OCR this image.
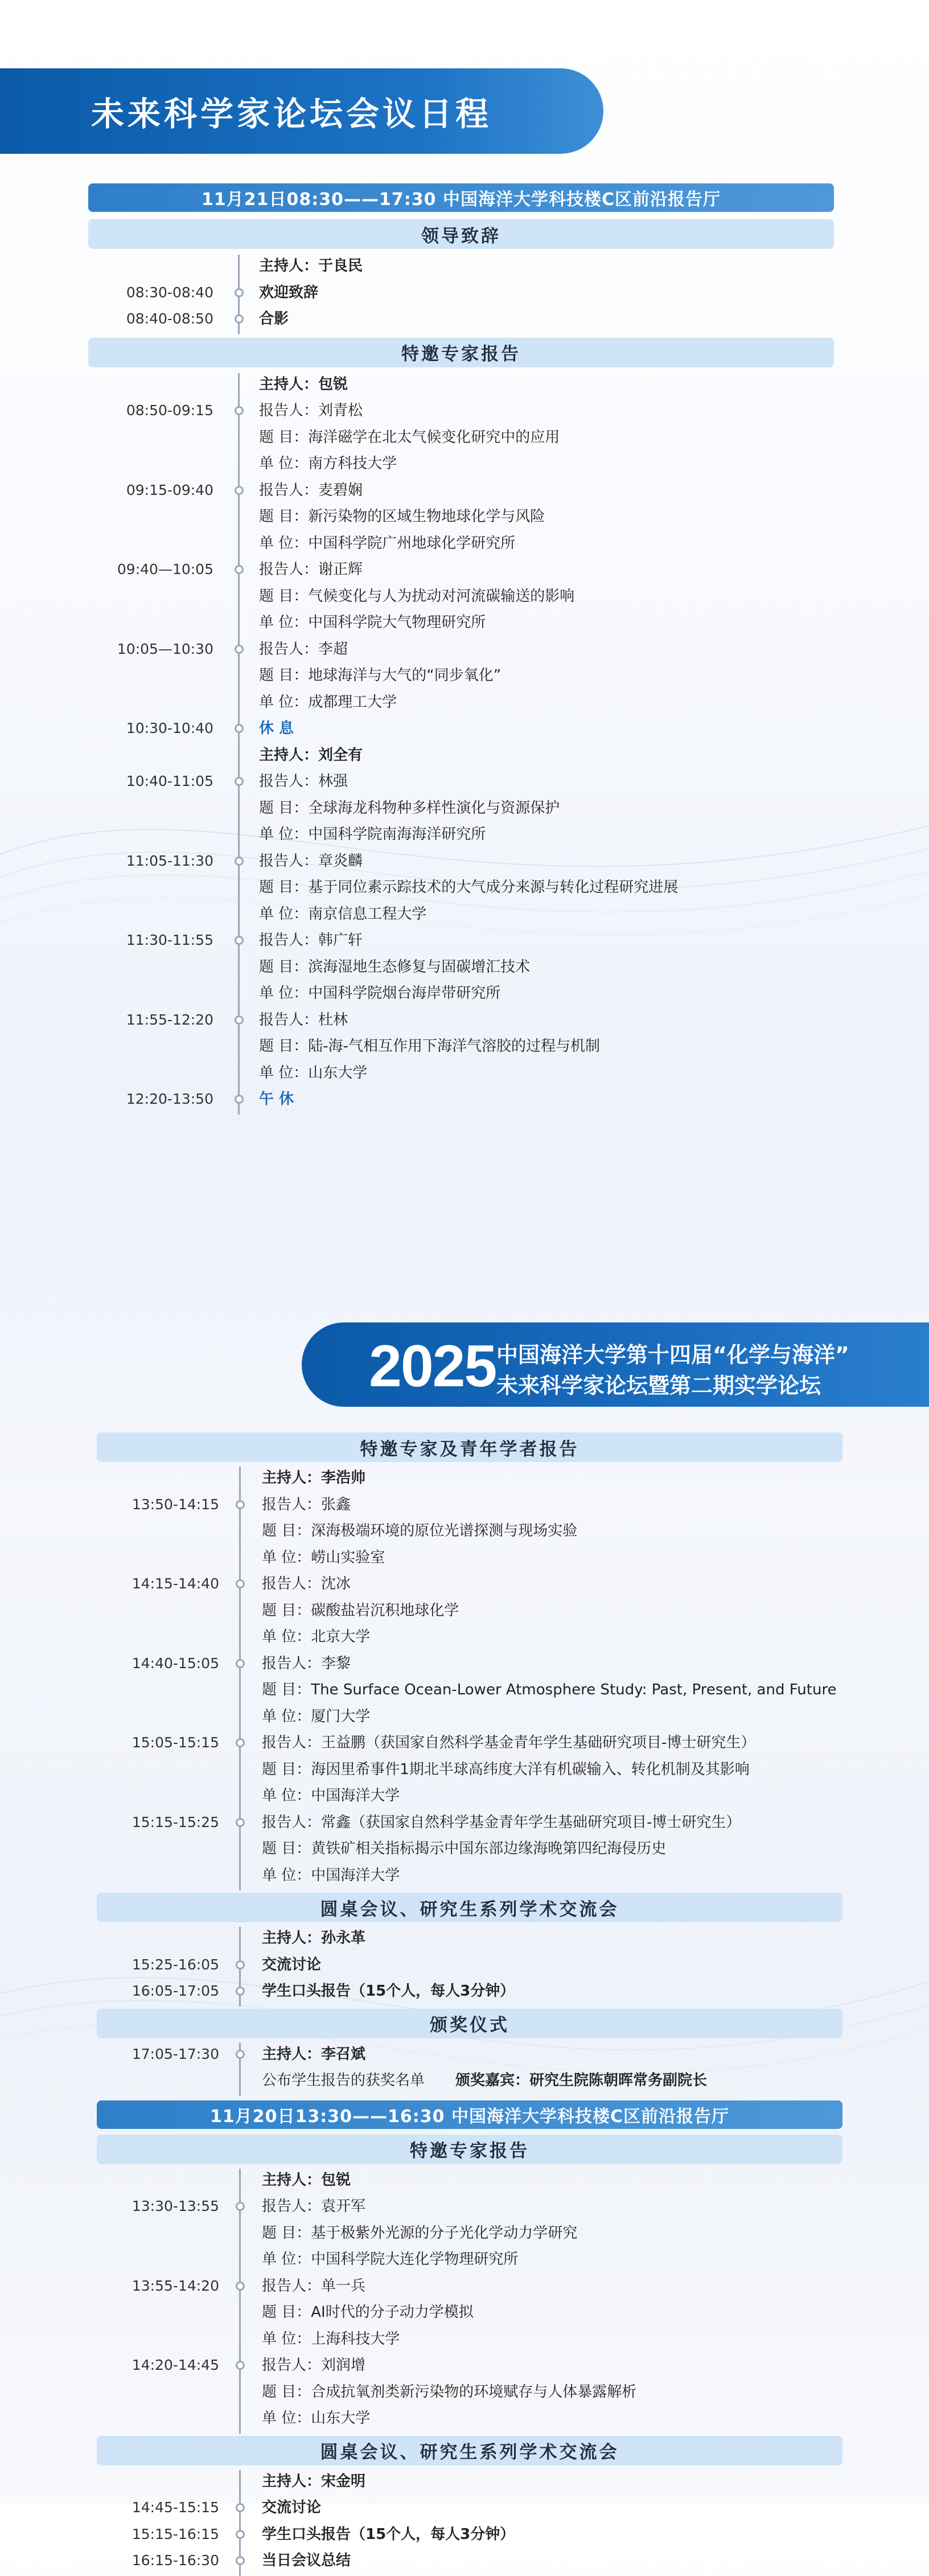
未来科学家论坛会议日程
11月21日08:30——17:30 中国海洋大学科技楼C区前沿报告厅
领导致辞
主持人：于良民
08:30-08:40	欢迎致辞
08:40-08:50	合影
特邀专家报告
主持人：包锐
08:50-09:15	报告人：刘青松
题 目：海洋磁学在北太气候变化研究中的应用
单 位：南方科技大学
09:15-09:40	报告人：麦碧娴
题 目：新污染物的区域生物地球化学与风险
单 位：中国科学院广州地球化学研究所
09:40—10:05	报告人：谢正辉
题 目：气候变化与人为扰动对河流碳输送的影响
单 位：中国科学院大气物理研究所
10:05—10:30	报告人：李超
题 目：地球海洋与大气的“同步氧化”
单 位：成都理工大学
10:30-10:40	休 息
主持人：刘全有
10:40-11:05	报告人：林强
题 目：全球海龙科物种多样性演化与资源保护
单 位：中国科学院南海海洋研究所
11:05-11:30	报告人：章炎麟
题 目：基于同位素示踪技术的大气成分来源与转化过程研究进展
单 位：南京信息工程大学
11:30-11:55	报告人：韩广轩
题 目：滨海湿地生态修复与固碳增汇技术
单 位：中国科学院烟台海岸带研究所
11:55-12:20	报告人：杜林
题 目：陆-海-气相互作用下海洋气溶胶的过程与机制
单 位：山东大学
12:20-13:50	午 休
2025 中国海洋大学第十四届“化学与海洋”
未来科学家论坛暨第二期实学论坛
特邀专家及青年学者报告
主持人：李浩帅
13:50-14:15	报告人：张鑫
题 目：深海极端环境的原位光谱探测与现场实验
单 位：崂山实验室
14:15-14:40	报告人：沈冰
题 目：碳酸盐岩沉积地球化学
单 位：北京大学
14:40-15:05	报告人：李黎
题 目：The Surface Ocean-Lower Atmosphere Study: Past, Present, and Future
单 位：厦门大学
15:05-15:15	报告人：王益鹏（获国家自然科学基金青年学生基础研究项目-博士研究生）
题 目：海因里希事件1期北半球高纬度大洋有机碳输入、转化机制及其影响
单 位：中国海洋大学
15:15-15:25	报告人：常鑫（获国家自然科学基金青年学生基础研究项目-博士研究生）
题 目：黄铁矿相关指标揭示中国东部边缘海晚第四纪海侵历史
单 位：中国海洋大学
圆桌会议、研究生系列学术交流会
主持人：孙永革
15:25-16:05	交流讨论
16:05-17:05	学生口头报告（15个人，每人3分钟）
颁奖仪式
17:05-17:30	主持人：李召斌
公布学生报告的获奖名单 颁奖嘉宾：研究生院陈朝晖常务副院长
11月20日13:30——16:30 中国海洋大学科技楼C区前沿报告厅
特邀专家报告
主持人：包锐
13:30-13:55	报告人：袁开军
题 目：基于极紫外光源的分子光化学动力学研究
单 位：中国科学院大连化学物理研究所
13:55-14:20	报告人：单一兵
题 目：AI时代的分子动力学模拟
单 位：上海科技大学
14:20-14:45	报告人：刘润增
题 目：合成抗氧剂类新污染物的环境赋存与人体暴露解析
单 位：山东大学
圆桌会议、研究生系列学术交流会
主持人：宋金明
14:45-15:15	交流讨论
15:15-16:15	学生口头报告（15个人，每人3分钟）
16:15-16:30	当日会议总结
